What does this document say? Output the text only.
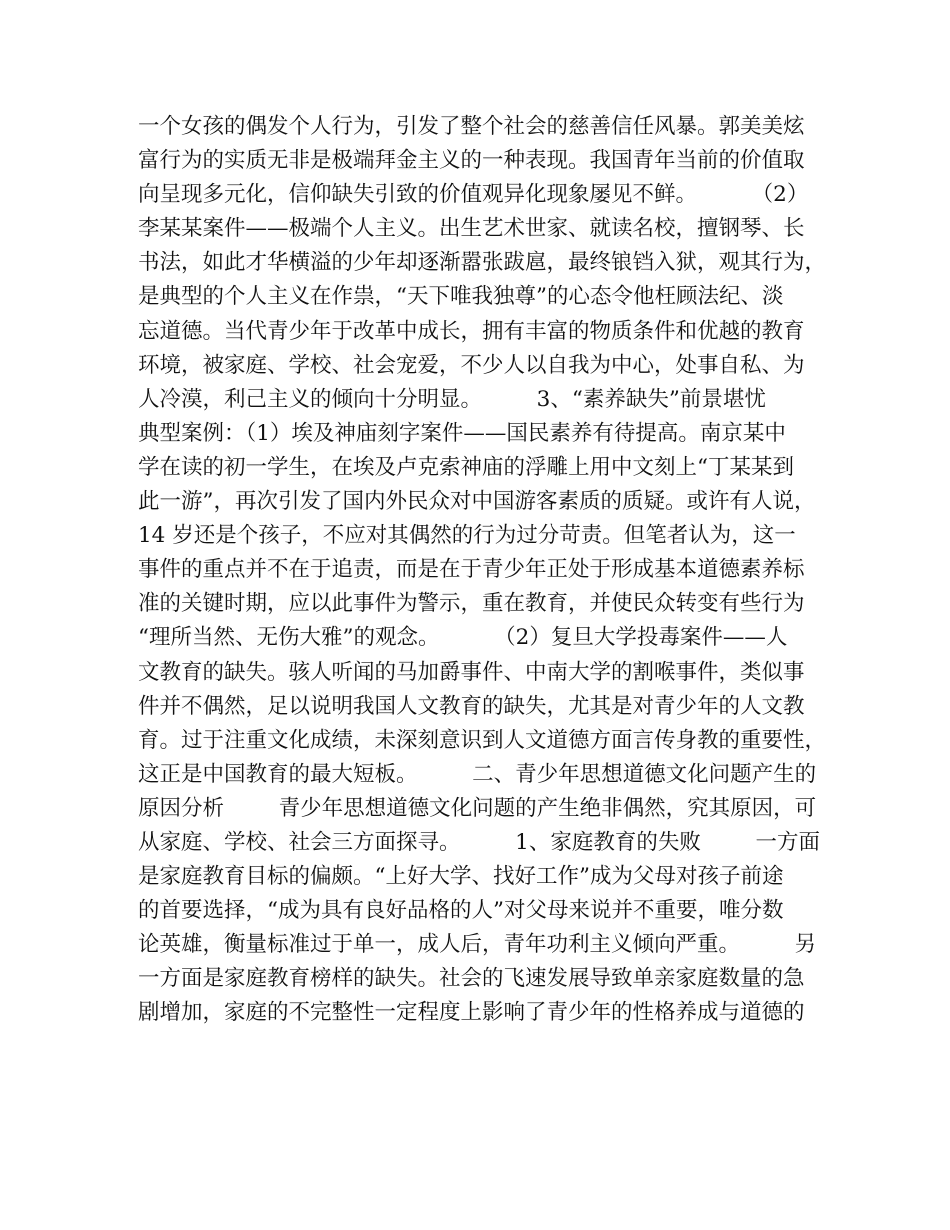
一个女孩的偶发个人行为，引发了整个社会的慈善信任风暴。郭美美炫
富行为的实质无非是极端拜金主义的一种表现。我国青年当前的价值取
向呈现多元化，信仰缺失引致的价值观异化现象屡见不鲜。        （2）
李某某案件——极端个人主义。出生艺术世家、就读名校，擅钢琴、长
书法，如此才华横溢的少年却逐渐嚣张跋扈，最终锒铛入狱，观其行为，
是典型的个人主义在作祟，“天下唯我独尊”的心态令他枉顾法纪、淡
忘道德。当代青少年于改革中成长，拥有丰富的物质条件和优越的教育
环境，被家庭、学校、社会宠爱，不少人以自我为中心，处事自私、为
人冷漠，利己主义的倾向十分明显。        3、“素养缺失”前景堪忧
典型案例：（1）埃及神庙刻字案件——国民素养有待提高。南京某中
学在读的初一学生，在埃及卢克索神庙的浮雕上用中文刻上“丁某某到
此一游”，再次引发了国内外民众对中国游客素质的质疑。或许有人说，
14 岁还是个孩子，不应对其偶然的行为过分苛责。但笔者认为，这一
事件的重点并不在于追责，而是在于青少年正处于形成基本道德素养标
准的关键时期，应以此事件为警示，重在教育，并使民众转变有些行为
“理所当然、无伤大雅”的观念。        （2）复旦大学投毒案件——人
文教育的缺失。骇人听闻的马加爵事件、中南大学的割喉事件，类似事
件并不偶然，足以说明我国人文教育的缺失，尤其是对青少年的人文教
育。过于注重文化成绩，未深刻意识到人文道德方面言传身教的重要性，
这正是中国教育的最大短板。        二、青少年思想道德文化问题产生的
原因分析        青少年思想道德文化问题的产生绝非偶然，究其原因，可
从家庭、学校、社会三方面探寻。        1、家庭教育的失败        一方面
是家庭教育目标的偏颇。“上好大学、找好工作”成为父母对孩子前途
的首要选择，“成为具有良好品格的人”对父母来说并不重要，唯分数
论英雄，衡量标准过于单一，成人后，青年功利主义倾向严重。        另
一方面是家庭教育榜样的缺失。社会的飞速发展导致单亲家庭数量的急
剧增加，家庭的不完整性一定程度上影响了青少年的性格养成与道德的
